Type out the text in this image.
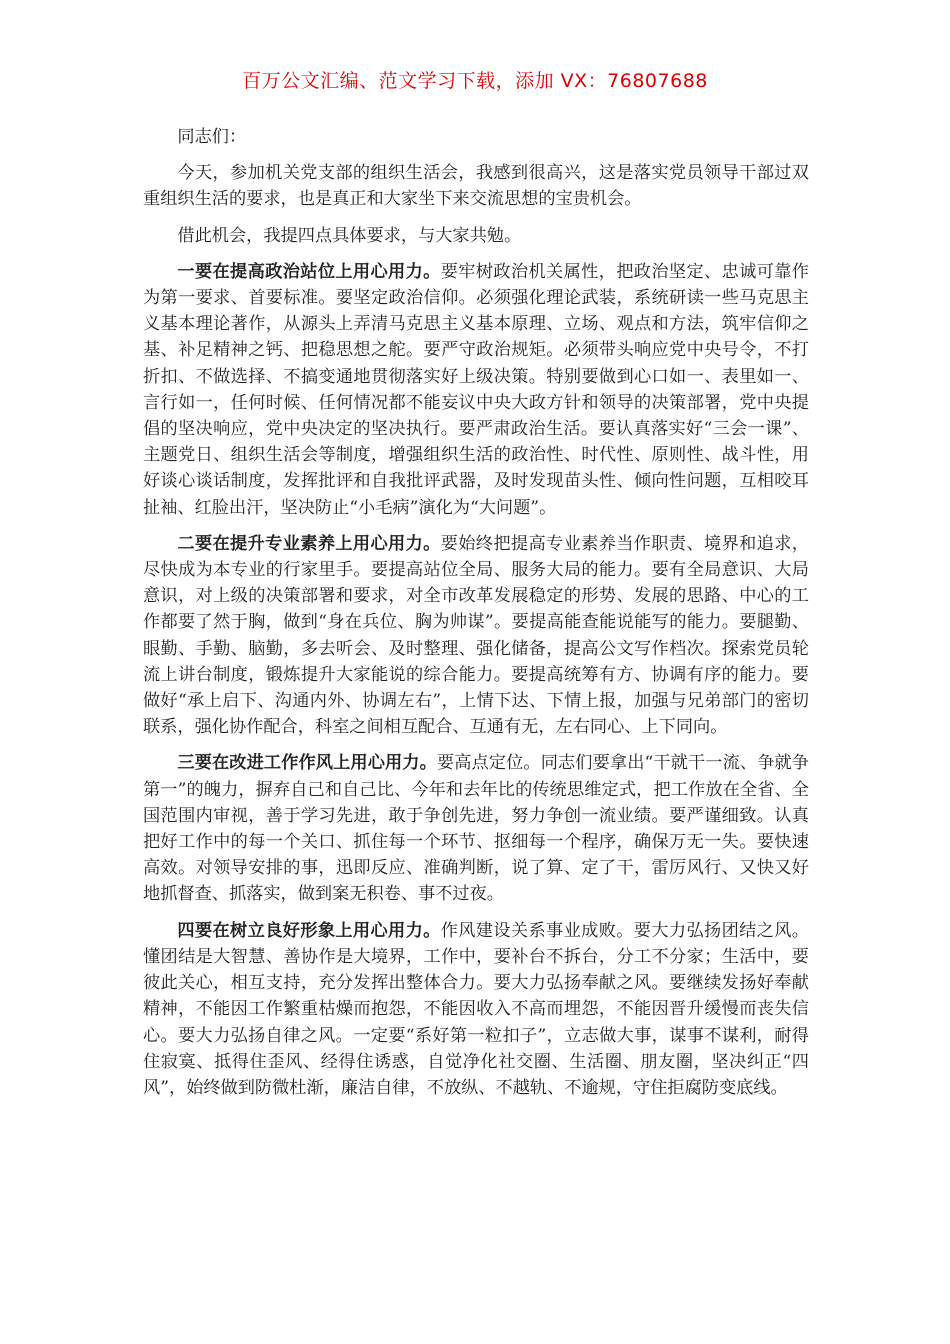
百万公文汇编、范文学习下载，添加 VX：76807688

同志们：

今天，参加机关党支部的组织生活会，我感到很高兴，这是落实党员领导干部过双重组织生活的要求，也是真正和大家坐下来交流思想的宝贵机会。

借此机会，我提四点具体要求，与大家共勉。

一要在提高政治站位上用心用力。要牢树政治机关属性，把政治坚定、忠诚可靠作为第一要求、首要标准。要坚定政治信仰。必须强化理论武装，系统研读一些马克思主义基本理论著作，从源头上弄清马克思主义基本原理、立场、观点和方法，筑牢信仰之基、补足精神之钙、把稳思想之舵。要严守政治规矩。必须带头响应党中央号令，不打折扣、不做选择、不搞变通地贯彻落实好上级决策。特别要做到心口如一、表里如一、言行如一，任何时候、任何情况都不能妄议中央大政方针和领导的决策部署，党中央提倡的坚决响应，党中央决定的坚决执行。要严肃政治生活。要认真落实好“三会一课”、主题党日、组织生活会等制度，增强组织生活的政治性、时代性、原则性、战斗性，用好谈心谈话制度，发挥批评和自我批评武器，及时发现苗头性、倾向性问题，互相咬耳扯袖、红脸出汗，坚决防止“小毛病”演化为“大问题”。

二要在提升专业素养上用心用力。要始终把提高专业素养当作职责、境界和追求，尽快成为本专业的行家里手。要提高站位全局、服务大局的能力。要有全局意识、大局意识，对上级的决策部署和要求，对全市改革发展稳定的形势、发展的思路、中心的工作都要了然于胸，做到“身在兵位、胸为帅谋”。要提高能查能说能写的能力。要腿勤、眼勤、手勤、脑勤，多去听会、及时整理、强化储备，提高公文写作档次。探索党员轮流上讲台制度，锻炼提升大家能说的综合能力。要提高统筹有方、协调有序的能力。要做好“承上启下、沟通内外、协调左右”，上情下达、下情上报，加强与兄弟部门的密切联系，强化协作配合，科室之间相互配合、互通有无，左右同心、上下同向。

三要在改进工作作风上用心用力。要高点定位。同志们要拿出“干就干一流、争就争第一”的魄力，摒弃自己和自己比、今年和去年比的传统思维定式，把工作放在全省、全国范围内审视，善于学习先进，敢于争创先进，努力争创一流业绩。要严谨细致。认真把好工作中的每一个关口、抓住每一个环节、抠细每一个程序，确保万无一失。要快速高效。对领导安排的事，迅即反应、准确判断，说了算、定了干，雷厉风行、又快又好地抓督查、抓落实，做到案无积卷、事不过夜。

四要在树立良好形象上用心用力。作风建设关系事业成败。要大力弘扬团结之风。懂团结是大智慧、善协作是大境界，工作中，要补台不拆台，分工不分家；生活中，要彼此关心，相互支持，充分发挥出整体合力。要大力弘扬奉献之风。要继续发扬好奉献精神，不能因工作繁重枯燥而抱怨，不能因收入不高而埋怨，不能因晋升缓慢而丧失信心。要大力弘扬自律之风。一定要“系好第一粒扣子”，立志做大事，谋事不谋利，耐得住寂寞、抵得住歪风、经得住诱惑，自觉净化社交圈、生活圈、朋友圈，坚决纠正“四风”，始终做到防微杜渐，廉洁自律，不放纵、不越轨、不逾规，守住拒腐防变底线。
